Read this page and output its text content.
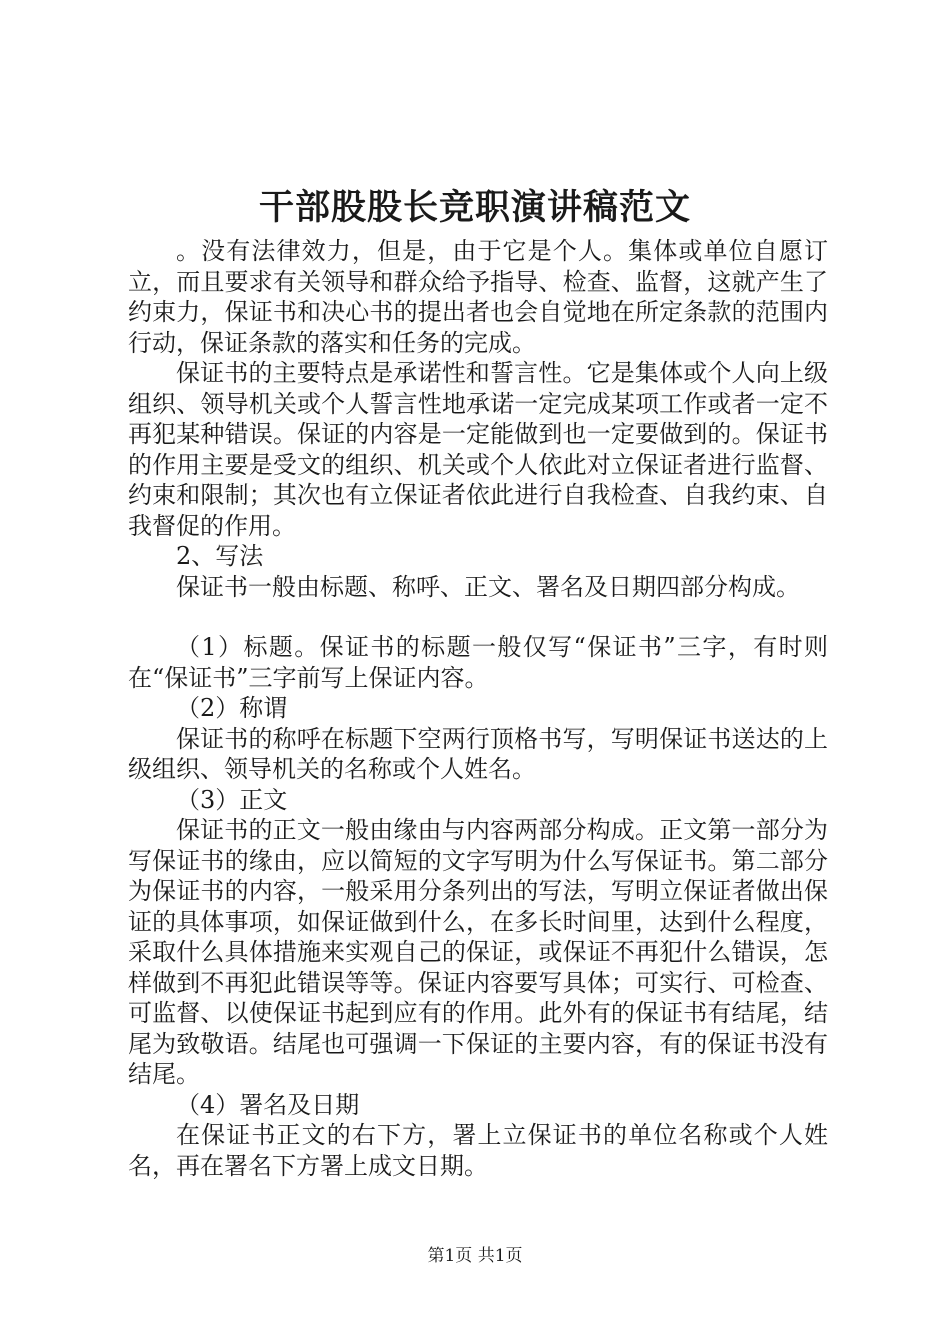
干部股股长竞职演讲稿范文

。没有法律效力，但是，由于它是个人。集体或单位自愿订立，而且要求有关领导和群众给予指导、检查、监督，这就产生了约束力，保证书和决心书的提出者也会自觉地在所定条款的范围内行动，保证条款的落实和任务的完成。

保证书的主要特点是承诺性和誓言性。它是集体或个人向上级组织、领导机关或个人誓言性地承诺一定完成某项工作或者一定不再犯某种错误。保证的内容是一定能做到也一定要做到的。保证书的作用主要是受文的组织、机关或个人依此对立保证者进行监督、约束和限制；其次也有立保证者依此进行自我检查、自我约束、自我督促的作用。

2、写法

保证书一般由标题、称呼、正文、署名及日期四部分构成。

（1）标题。保证书的标题一般仅写“保证书”三字，有时则在“保证书”三字前写上保证内容。

（2）称谓

保证书的称呼在标题下空两行顶格书写，写明保证书送达的上级组织、领导机关的名称或个人姓名。

（3）正文

保证书的正文一般由缘由与内容两部分构成。正文第一部分为写保证书的缘由，应以简短的文字写明为什么写保证书。第二部分为保证书的内容，一般采用分条列出的写法，写明立保证者做出保证的具体事项，如保证做到什么，在多长时间里，达到什么程度，采取什么具体措施来实观自己的保证，或保证不再犯什么错误，怎样做到不再犯此错误等等。保证内容要写具体；可实行、可检查、可监督、以使保证书起到应有的作用。此外有的保证书有结尾，结尾为致敬语。结尾也可强调一下保证的主要内容，有的保证书没有结尾。

（4）署名及日期

在保证书正文的右下方，署上立保证书的单位名称或个人姓名，再在署名下方署上成文日期。

第1页 共1页
